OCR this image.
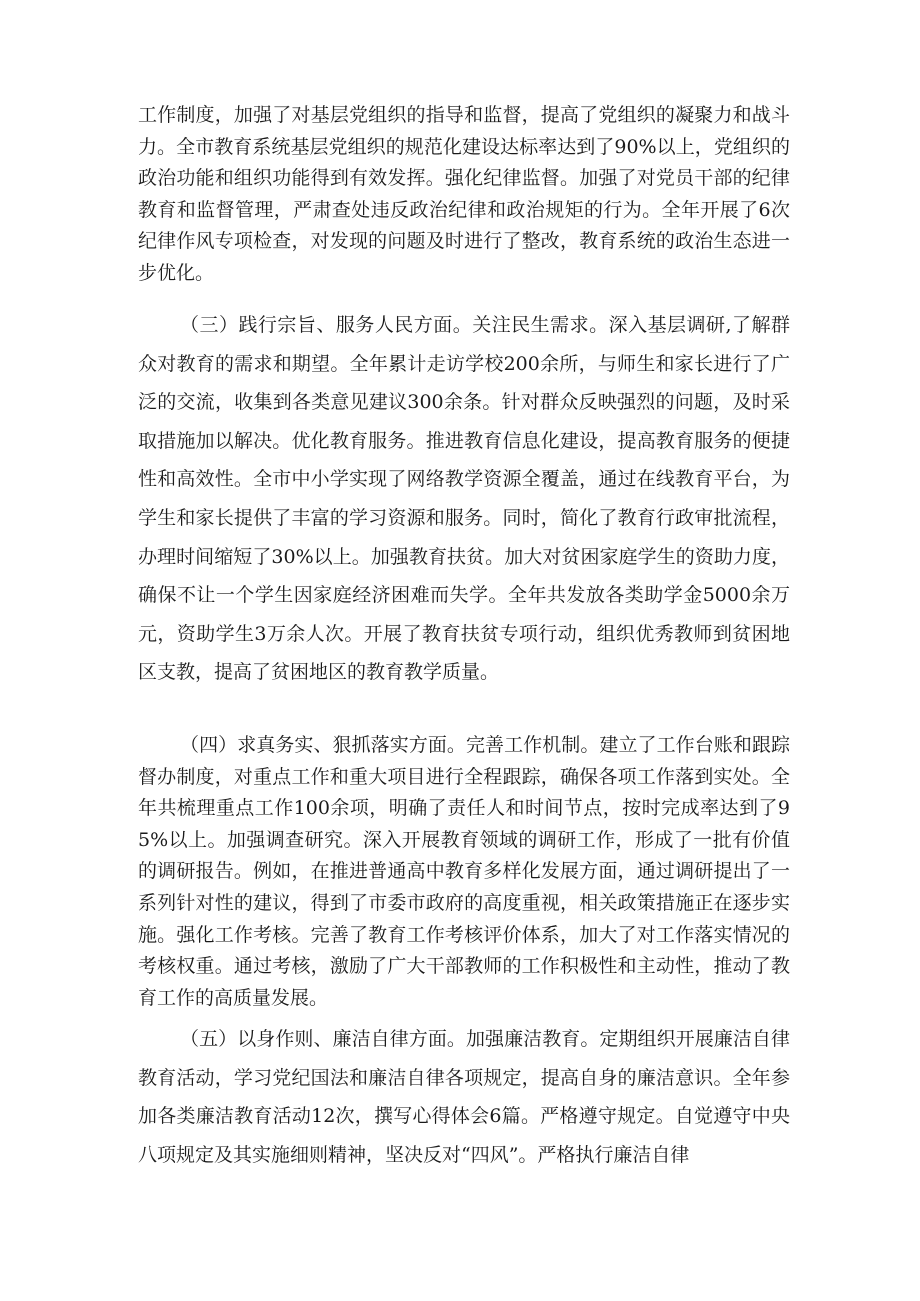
工作制度，加强了对基层党组织的指导和监督，提高了党组织的凝聚力和战斗力。全市教育系统基层党组织的规范化建设达标率达到了90%以上，党组织的政治功能和组织功能得到有效发挥。强化纪律监督。加强了对党员干部的纪律教育和监督管理，严肃查处违反政治纪律和政治规矩的行为。全年开展了6次纪律作风专项检查，对发现的问题及时进行了整改，教育系统的政治生态进一步优化。

（三）践行宗旨、服务人民方面。关注民生需求。深入基层调研,了解群众对教育的需求和期望。全年累计走访学校200余所，与师生和家长进行了广泛的交流，收集到各类意见建议300余条。针对群众反映强烈的问题，及时采取措施加以解决。优化教育服务。推进教育信息化建设，提高教育服务的便捷性和高效性。全市中小学实现了网络教学资源全覆盖，通过在线教育平台，为学生和家长提供了丰富的学习资源和服务。同时，简化了教育行政审批流程，办理时间缩短了30%以上。加强教育扶贫。加大对贫困家庭学生的资助力度，确保不让一个学生因家庭经济困难而失学。全年共发放各类助学金5000余万元，资助学生3万余人次。开展了教育扶贫专项行动，组织优秀教师到贫困地区支教，提高了贫困地区的教育教学质量。

（四）求真务实、狠抓落实方面。完善工作机制。建立了工作台账和跟踪督办制度，对重点工作和重大项目进行全程跟踪，确保各项工作落到实处。全年共梳理重点工作100余项，明确了责任人和时间节点，按时完成率达到了95%以上。加强调查研究。深入开展教育领域的调研工作，形成了一批有价值的调研报告。例如，在推进普通高中教育多样化发展方面，通过调研提出了一系列针对性的建议，得到了市委市政府的高度重视，相关政策措施正在逐步实施。强化工作考核。完善了教育工作考核评价体系，加大了对工作落实情况的考核权重。通过考核，激励了广大干部教师的工作积极性和主动性，推动了教育工作的高质量发展。

（五）以身作则、廉洁自律方面。加强廉洁教育。定期组织开展廉洁自律教育活动，学习党纪国法和廉洁自律各项规定，提高自身的廉洁意识。全年参加各类廉洁教育活动12次，撰写心得体会6篇。严格遵守规定。自觉遵守中央八项规定及其实施细则精神，坚决反对“四风”。严格执行廉洁自律
